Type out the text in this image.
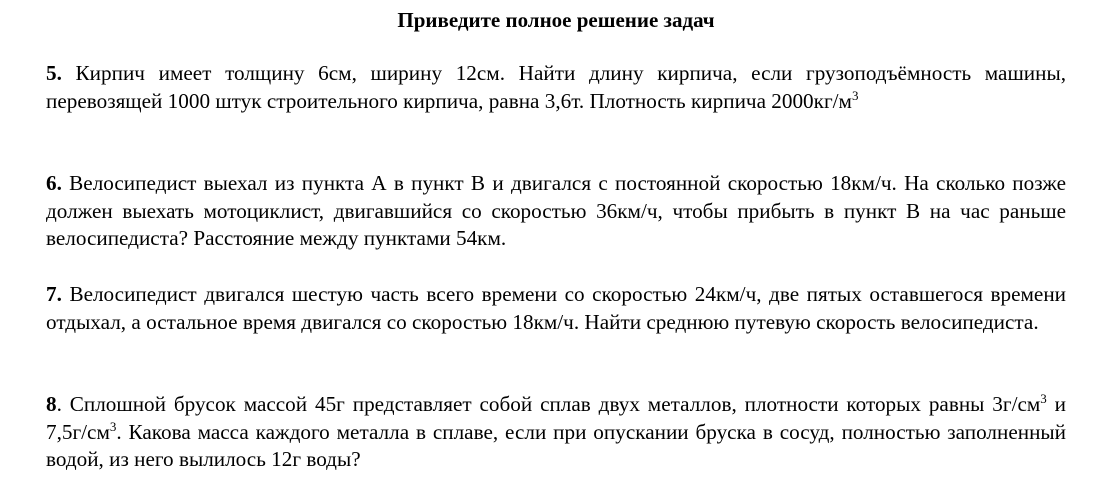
Приведите полное решение задач

5. Кирпич имеет толщину 6см, ширину 12см. Найти длину кирпича, если грузоподъёмность машины, перевозящей 1000 штук строительного кирпича, равна 3,6т. Плотность кирпича $2000кг/м^3$

6. Велосипедист выехал из пункта А в пункт В и двигался с постоянной скоростью 18км/ч. На сколько позже должен выехать мотоциклист, двигавшийся со скоростью 36км/ч, чтобы прибыть в пункт В на час раньше велосипедиста? Расстояние между пунктами 54км.

7. Велосипедист двигался шестую часть всего времени со скоростью 24км/ч, две пятых оставшегося времени отдыхал, а остальное время двигался со скоростью 18км/ч. Найти среднюю путевую скорость велосипедиста.

8. Сплошной брусок массой 45г представляет собой сплав двух металлов, плотности которых равны $3г/см^3$ и $7,5г/см^3$. Какова масса каждого металла в сплаве, если при опускании бруска в сосуд, полностью заполненный водой, из него вылилось 12г воды?
